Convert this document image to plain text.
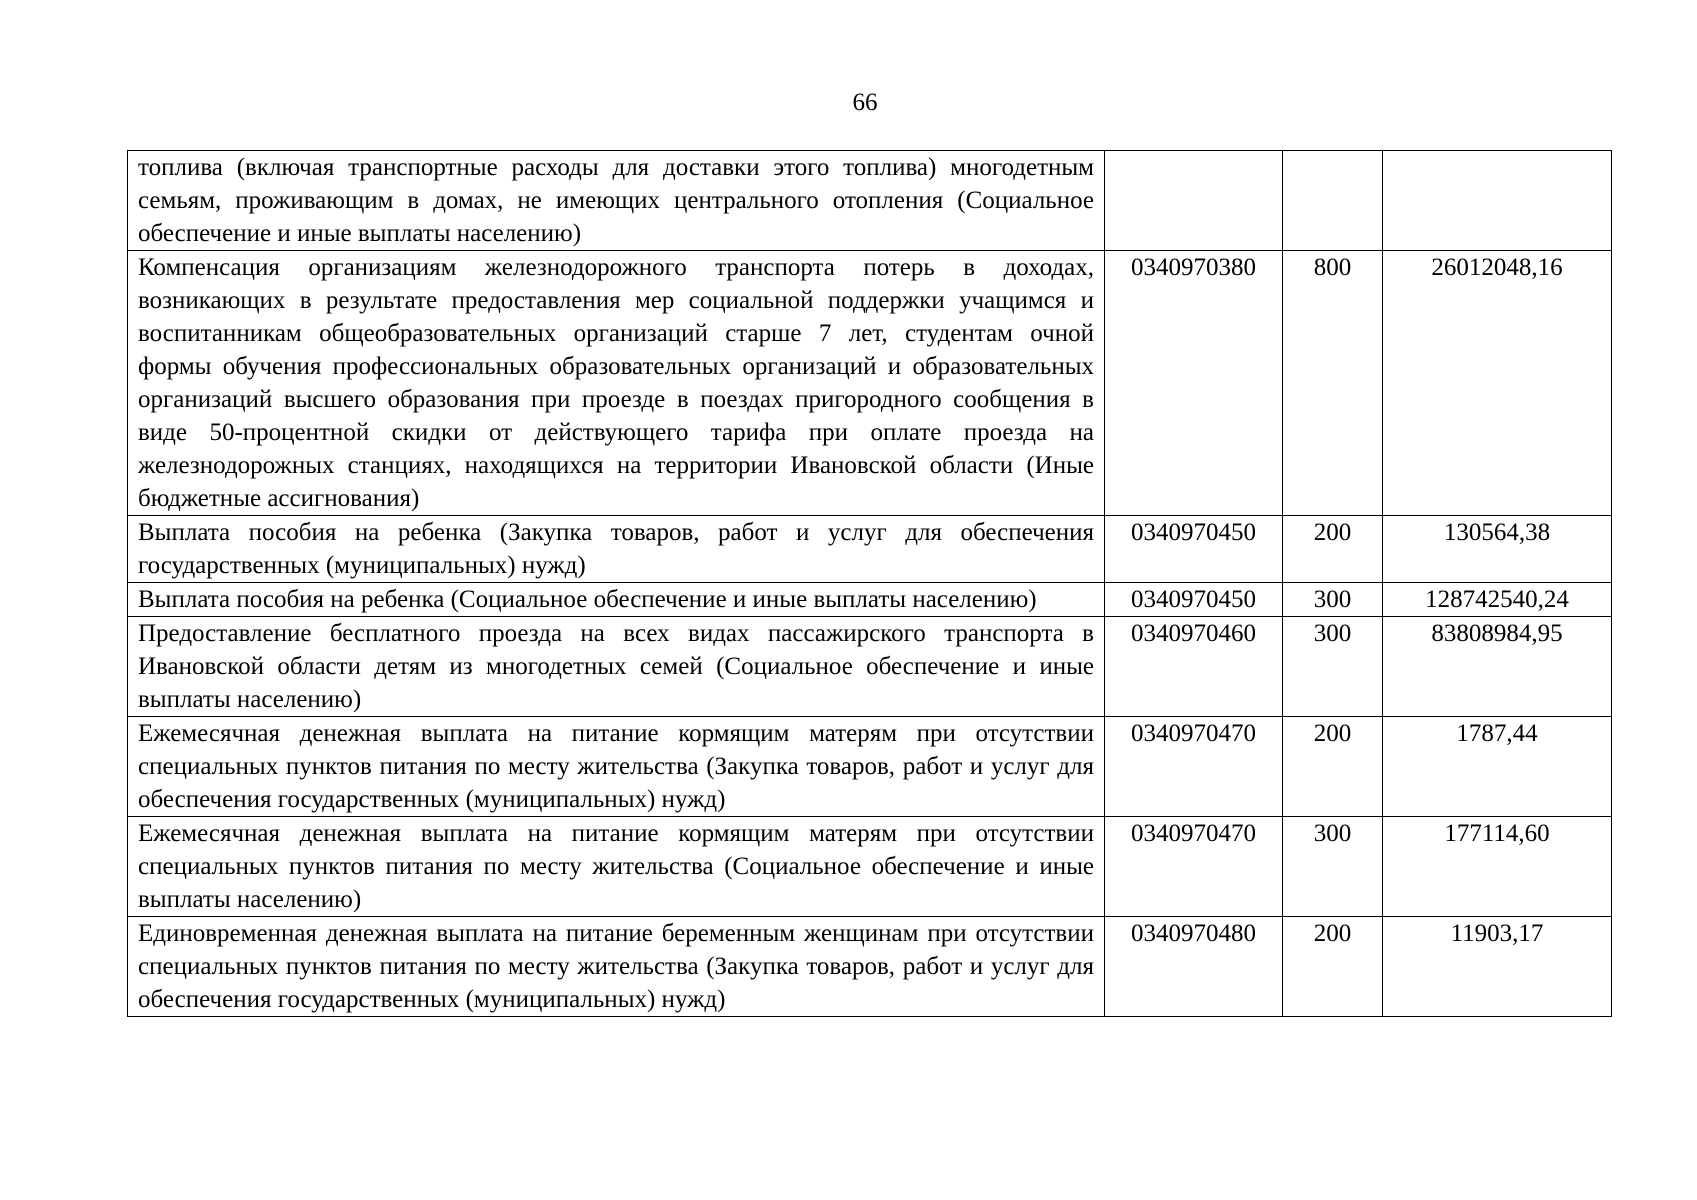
66
топлива (включая транспортные расходы для доставки этого топлива) многодетным семьям, проживающим в домах, не имеющих центрального отопления (Социальное обеспечение и иные выплаты населению)			
Компенсация организациям железнодорожного транспорта потерь в доходах, возникающих в результате предоставления мер социальной поддержки учащимся и воспитанникам общеобразовательных организаций старше 7 лет, студентам очной формы обучения профессиональных образовательных организаций и образовательных организаций высшего образования при проезде в поездах пригородного сообщения в виде 50-процентной скидки от действующего тарифа при оплате проезда на железнодорожных станциях, находящихся на территории Ивановской области (Иные бюджетные ассигнования)	0340970380	800	26012048,16
Выплата пособия на ребенка (Закупка товаров, работ и услуг для обеспечения государственных (муниципальных) нужд)	0340970450	200	130564,38
Выплата пособия на ребенка (Социальное обеспечение и иные выплаты населению)	0340970450	300	128742540,24
Предоставление бесплатного проезда на всех видах пассажирского транспорта в Ивановской области детям из многодетных семей (Социальное обеспечение и иные выплаты населению)	0340970460	300	83808984,95
Ежемесячная денежная выплата на питание кормящим матерям при отсутствии специальных пунктов питания по месту жительства (Закупка товаров, работ и услуг для обеспечения государственных (муниципальных) нужд)	0340970470	200	1787,44
Ежемесячная денежная выплата на питание кормящим матерям при отсутствии специальных пунктов питания по месту жительства (Социальное обеспечение и иные выплаты населению)	0340970470	300	177114,60
Единовременная денежная выплата на питание беременным женщинам при отсутствии специальных пунктов питания по месту жительства (Закупка товаров, работ и услуг для обеспечения государственных (муниципальных) нужд)	0340970480	200	11903,17
